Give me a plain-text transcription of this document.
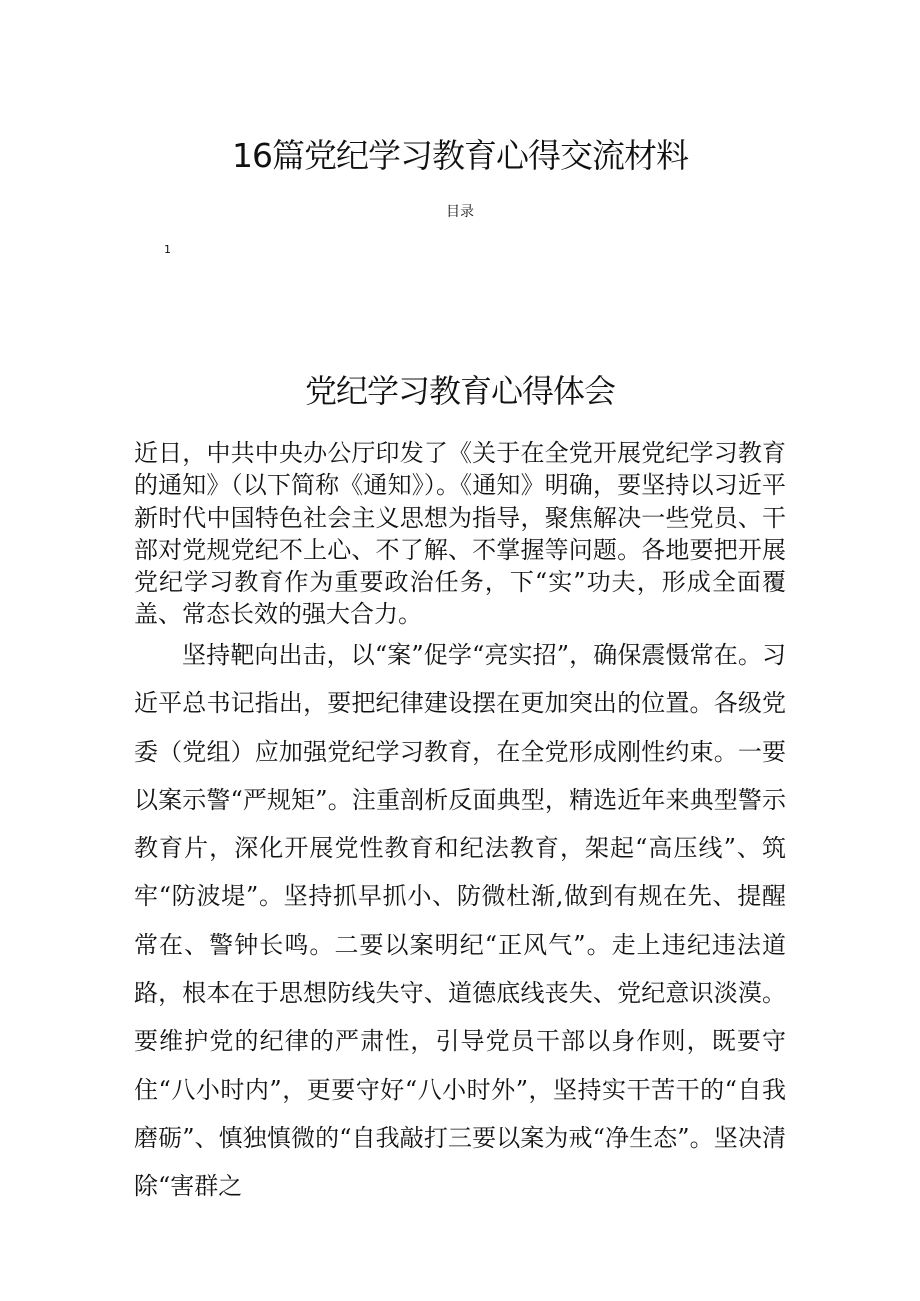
16篇党纪学习教育心得交流材料
目录
1
党纪学习教育心得体会

近日，中共中央办公厅印发了《关于在全党开展党纪学习教育的通知》（以下简称《通知》）。《通知》明确，要坚持以习近平新时代中国特色社会主义思想为指导，聚焦解决一些党员、干部对党规党纪不上心、不了解、不掌握等问题。各地要把开展党纪学习教育作为重要政治任务，下“实”功夫，形成全面覆盖、常态长效的强大合力。

坚持靶向出击，以“案”促学“亮实招”，确保震慑常在。习近平总书记指出，要把纪律建设摆在更加突出的位置。各级党委（党组）应加强党纪学习教育，在全党形成刚性约束。一要以案示警“严规矩”。注重剖析反面典型，精选近年来典型警示教育片，深化开展党性教育和纪法教育，架起“高压线”、筑牢“防波堤”。坚持抓早抓小、防微杜渐,做到有规在先、提醒常在、警钟长鸣。二要以案明纪“正风气”。走上违纪违法道路，根本在于思想防线失守、道德底线丧失、党纪意识淡漠。要维护党的纪律的严肃性，引导党员干部以身作则，既要守住“八小时内”，更要守好“八小时外”，坚持实干苦干的“自我磨砺”、慎独慎微的“自我敲打三要以案为戒“净生态”。坚决清除“害群之
